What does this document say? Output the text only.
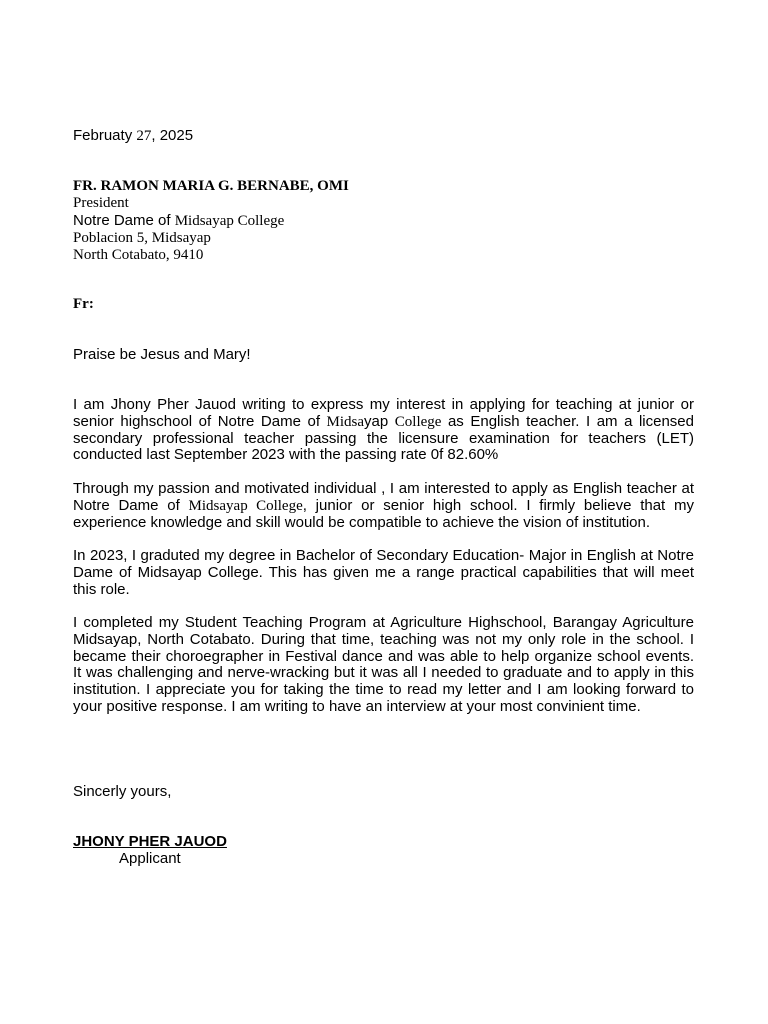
Februaty 27, 2025
FR. RAMON MARIA G. BERNABE, OMI
President
Notre Dame of Midsayap College
Poblacion 5, Midsayap
North Cotabato, 9410
Fr:
Praise be Jesus and Mary!

I am Jhony Pher Jauod writing to express my interest in applying for teaching at junior or senior highschool of Notre Dame of Midsayap College as English teacher. I am a licensed secondary professional teacher passing the licensure examination for teachers (LET) conducted last September 2023 with the passing rate 0f 82.60%

Through my passion and motivated individual , I am interested to apply as English teacher at Notre Dame of Midsayap College, junior or senior high school. I firmly believe that my experience knowledge and skill would be compatible to achieve the vision of institution.

In 2023, I graduted my degree in Bachelor of Secondary Education- Major in English at Notre Dame of Midsayap College. This has given me a range practical capabilities that will meet this role.

I completed my Student Teaching Program at Agriculture Highschool, Barangay Agriculture Midsayap, North Cotabato. During that time, teaching was not my only role in the school. I became their choroegrapher in Festival dance and was able to help organize school events. It was challenging and nerve-wracking but it was all I needed to graduate and to apply in this institution. I appreciate you for taking the time to read my letter and I am looking forward to your positive response. I am writing to have an interview at your most convinient time.

Sincerly yours,
JHONY PHER JAUOD
Applicant
